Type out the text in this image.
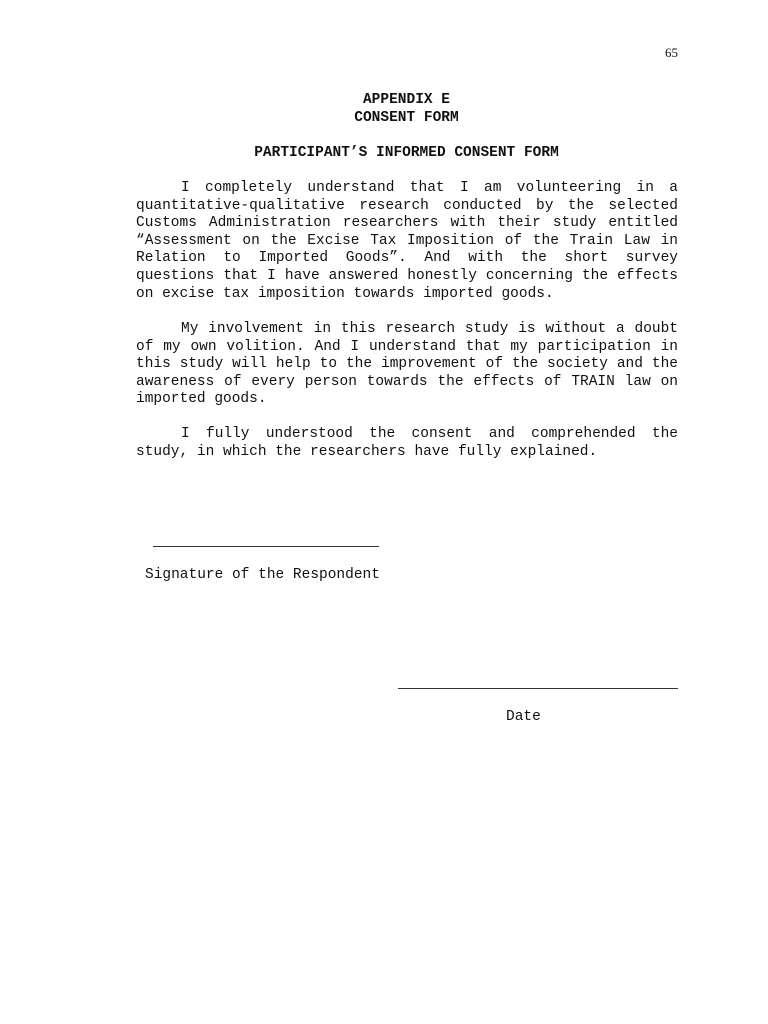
65
APPENDIX E
CONSENT FORM
PARTICIPANT’S INFORMED CONSENT FORM

I completely understand that I am volunteering in a quantitative-qualitative research conducted by the selected Customs Administration researchers with their study entitled “Assessment on the Excise Tax Imposition of the Train Law in Relation to Imported Goods”. And with the short survey questions that I have answered honestly concerning the effects on excise tax imposition towards imported goods.

My involvement in this research study is without a doubt of my own volition. And I understand that my participation in this study will help to the improvement of the society and the awareness of every person towards the effects of TRAIN law on imported goods.

I fully understood the consent and comprehended the study, in which the researchers have fully explained.

Signature of the Respondent
Date
